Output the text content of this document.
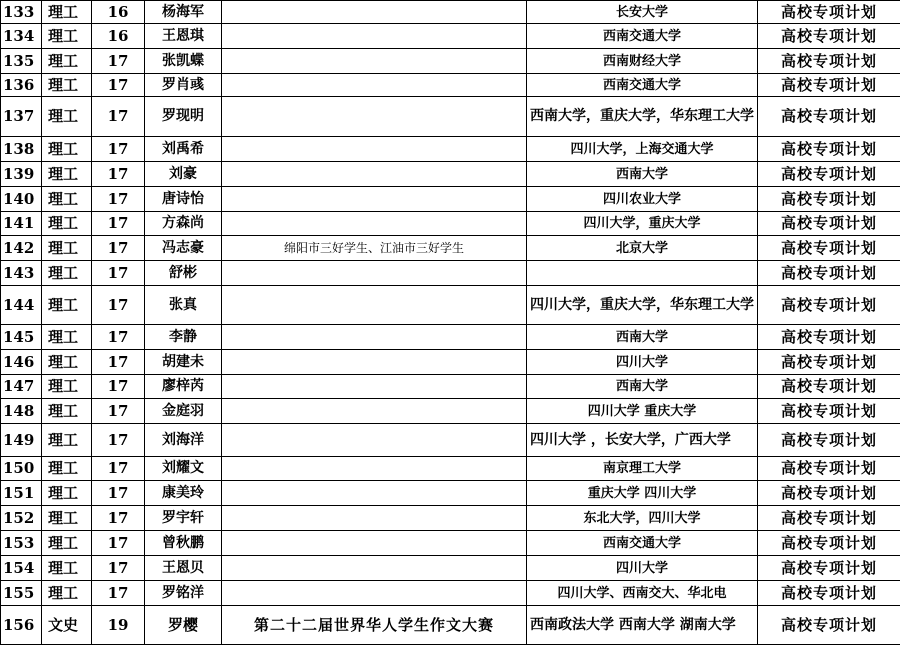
133	理工	16	杨海军		长安大学	高校专项计划
134	理工	16	王恩琪		西南交通大学	高校专项计划
135	理工	17	张凯蝶		西南财经大学	高校专项计划
136	理工	17	罗肖彧		西南交通大学	高校专项计划
137	理工	17	罗现明		西南大学，重庆大学，华东理工大学	高校专项计划
138	理工	17	刘禹希		四川大学，上海交通大学	高校专项计划
139	理工	17	刘豪		西南大学	高校专项计划
140	理工	17	唐诗怡		四川农业大学	高校专项计划
141	理工	17	方森尚		四川大学，重庆大学	高校专项计划
142	理工	17	冯志豪	绵阳市三好学生、江油市三好学生	北京大学	高校专项计划
143	理工	17	舒彬			高校专项计划
144	理工	17	张真		四川大学，重庆大学，华东理工大学	高校专项计划
145	理工	17	李静		西南大学	高校专项计划
146	理工	17	胡建未		四川大学	高校专项计划
147	理工	17	廖梓芮		西南大学	高校专项计划
148	理工	17	金庭羽		四川大学 重庆大学	高校专项计划
149	理工	17	刘海洋		四川大学 ，长安大学，广西大学	高校专项计划
150	理工	17	刘耀文		南京理工大学	高校专项计划
151	理工	17	康美玲		重庆大学 四川大学	高校专项计划
152	理工	17	罗宇轩		东北大学，四川大学	高校专项计划
153	理工	17	曾秋鹏		西南交通大学	高校专项计划
154	理工	17	王恩贝		四川大学	高校专项计划
155	理工	17	罗铭洋		四川大学、西南交大、华北电	高校专项计划
156	文史	19	罗樱	第二十二届世界华人学生作文大赛	西南政法大学 西南大学 湖南大学	高校专项计划
